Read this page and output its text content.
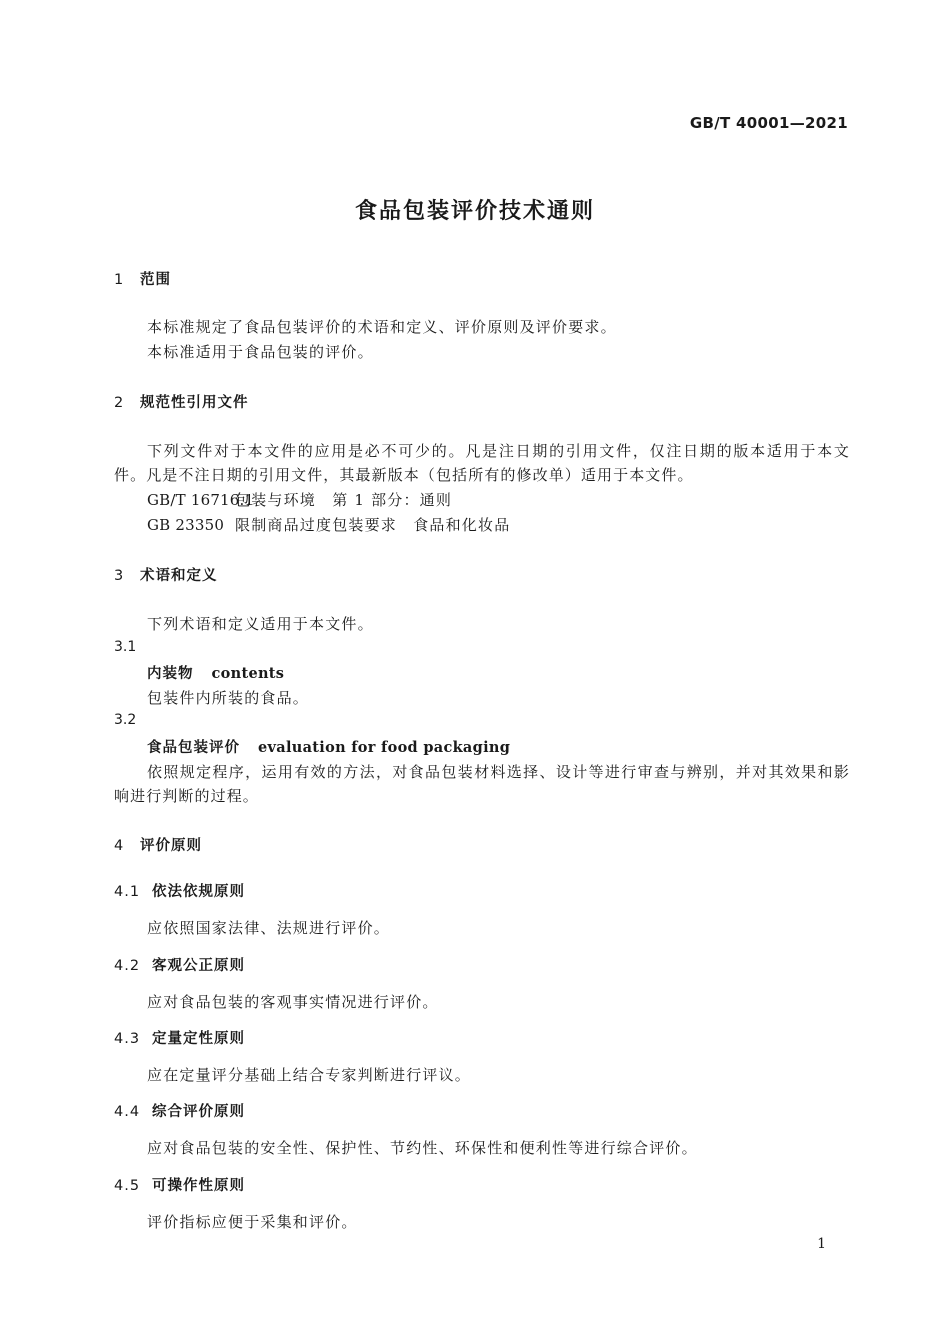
GB/T 40001—2021
食品包装评价技术通则
1 范围
本标准规定了食品包装评价的术语和定义、评价原则及评价要求。
本标准适用于食品包装的评价。
2 规范性引用文件
下列文件对于本文件的应用是必不可少的。凡是注日期的引用文件，仅注日期的版本适用于本文件。凡是不注日期的引用文件，其最新版本（包括所有的修改单）适用于本文件。
GB/T 16716.1包装与环境　第 1 部分：通则
GB 23350 限制商品过度包装要求　食品和化妆品
3 术语和定义
下列术语和定义适用于本文件。
3.1
内装物 contents
包装件内所装的食品。
3.2
食品包装评价 evaluation for food packaging
依照规定程序，运用有效的方法，对食品包装材料选择、设计等进行审查与辨别，并对其效果和影响进行判断的过程。
4 评价原则
4.1 依法依规原则
应依照国家法律、法规进行评价。
4.2 客观公正原则
应对食品包装的客观事实情况进行评价。
4.3 定量定性原则
应在定量评分基础上结合专家判断进行评议。
4.4 综合评价原则
应对食品包装的安全性、保护性、节约性、环保性和便利性等进行综合评价。
4.5 可操作性原则
评价指标应便于采集和评价。
1
